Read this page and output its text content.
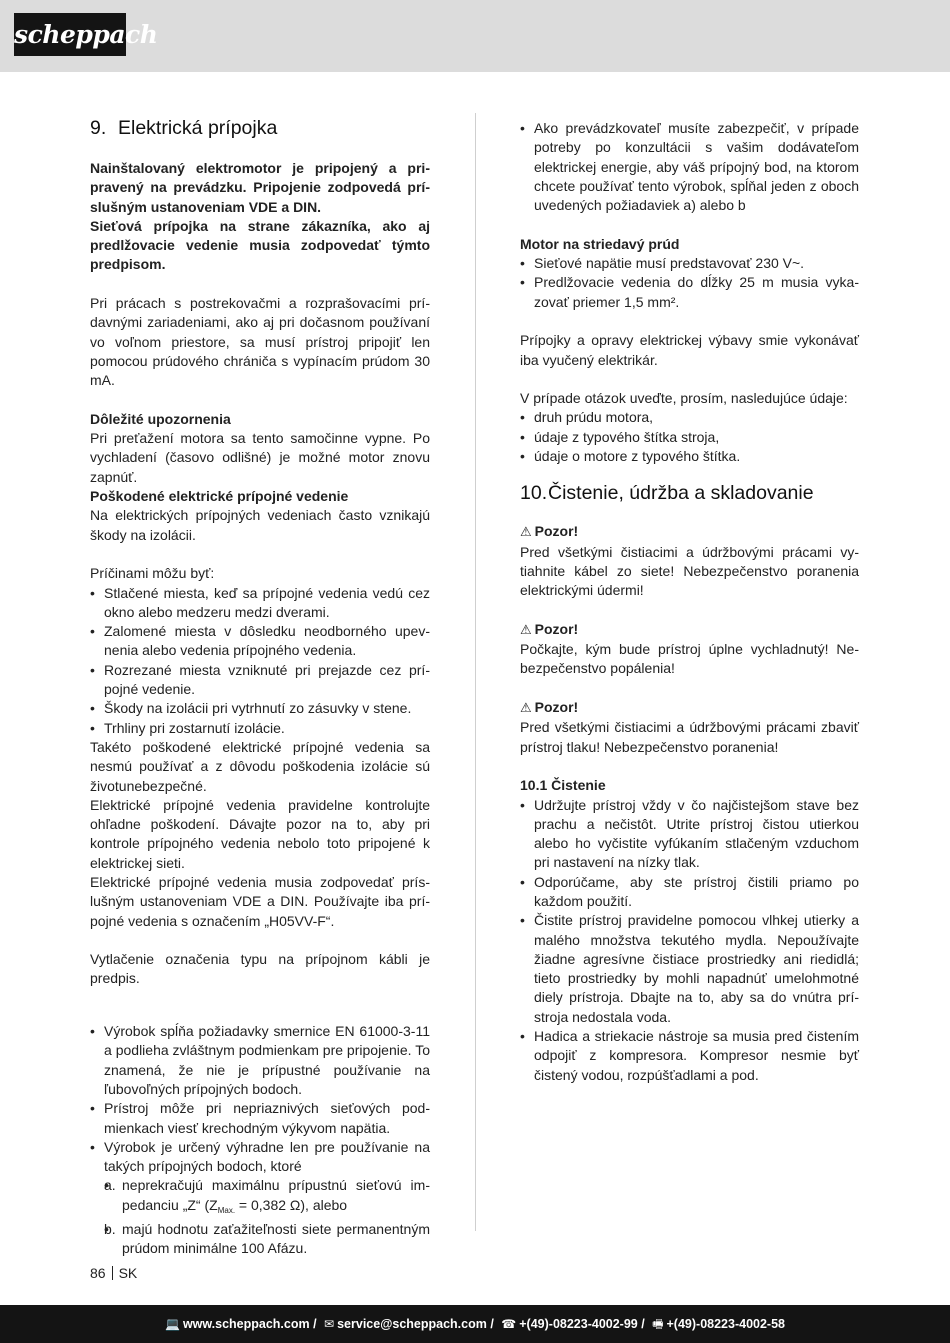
scheppach
9. Elektrická prípojka

Nainštalovaný elektromotor je pripojený a pripravený na prevádzku. Pripojenie zodpovedá príslušným ustanoveniam VDE a DIN.

Sieťová prípojka na strane zákazníka, ako aj predlžovacie vedenie musia zodpovedať týmto predpisom.

Pri prácach s postrekovačmi a rozprašovacími prídavnými zariadeniami, ako aj pri dočasnom používaní vo voľnom priestore, sa musí prístroj pripojiť len pomocou prúdového chrániča s vypínacím prúdom 30 mA.

Dôležité upozornenia

Pri preťažení motora sa tento samočinne vypne. Po vychladení (časovo odlišné) je možné motor znovu zapnúť.

Poškodené elektrické prípojné vedenie

Na elektrických prípojných vedeniach často vznikajú škody na izolácii.

Príčinami môžu byť:

• Stlačené miesta, keď sa prípojné vedenia vedú cez okno alebo medzeru medzi dverami.
• Zalomené miesta v dôsledku neodborného upevnenia alebo vedenia prípojného vedenia.
• Rozrezané miesta vzniknuté pri prejazde cez prípojné vedenie.
• Škody na izolácii pri vytrhnutí zo zásuvky v stene.
• Trhliny pri zostarnutí izolácie.

Takéto poškodené elektrické prípojné vedenia sa nesmú používať a z dôvodu poškodenia izolácie sú životunebezpečné.

Elektrické prípojné vedenia pravidelne kontrolujte ohľadne poškodení. Dávajte pozor na to, aby pri kontrole prípojného vedenia nebolo toto pripojené k elektrickej sieti.

Elektrické prípojné vedenia musia zodpovedať príslušným ustanoveniam VDE a DIN. Používajte iba prípojné vedenia s označením „H05VV-F“.

Vytlačenie označenia typu na prípojnom kábli je predpis.

• Výrobok spĺňa požiadavky smernice EN 61000-3-11 a podlieha zvláštnym podmienkam pre pripojenie. To znamená, že nie je prípustné používanie na ľubovoľných prípojných bodoch.
• Prístroj môže pri nepriaznivých sieťových podmienkach viesť krechodným výkyvom napätia.
• Výrobok je určený výhradne len pre používanie na takých prípojných bodoch, ktoré
• a. neprekračujú maximálnu prípustnú sieťovú impedanciu „Z“ ($Z_{Max.} = 0,382$ Ω), alebo
• b. majú hodnotu zaťažiteľnosti siete permanentným prúdom minimálne 100 Afázu.
• Ako prevádzkovateľ musíte zabezpečiť, v prípade potreby po konzultácii s vašim dodávateľom elektrickej energie, aby váš prípojný bod, na ktorom chcete používať tento výrobok, spĺňal jeden z oboch uvedených požiadaviek a) alebo b

Motor na striedavý prúd

• Sieťové napätie musí predstavovať 230 V~.
• Predlžovacie vedenia do dĺžky 25 m musia vykazovať priemer 1,5 mm².

Prípojky a opravy elektrickej výbavy smie vykonávať iba vyučený elektrikár.

V prípade otázok uveďte, prosím, nasledujúce údaje:

• druh prúdu motora,
• údaje z typového štítka stroja,
• údaje o motore z typového štítka.
10.Čistenie, údržba a skladovanie

⚠ Pozor!

Pred všetkými čistiacimi a údržbovými prácami vytiahnite kábel zo siete! Nebezpečenstvo poranenia elektrickými údermi!

⚠ Pozor!

Počkajte, kým bude prístroj úplne vychladnutý! Nebezpečenstvo popálenia!

⚠ Pozor!

Pred všetkými čistiacimi a údržbovými prácami zbaviť prístroj tlaku! Nebezpečenstvo poranenia!

10.1 Čistenie

• Udržujte prístroj vždy v čo najčistejšom stave bez prachu a nečistôt. Utrite prístroj čistou utierkou alebo ho vyčistite vyfúkaním stlačeným vzduchom pri nastavení na nízky tlak.
• Odporúčame, aby ste prístroj čistili priamo po každom použití.
• Čistite prístroj pravidelne pomocou vlhkej utierky a malého množstva tekutého mydla. Nepoužívajte žiadne agresívne čistiace prostriedky ani riedidlá; tieto prostriedky by mohli napadnúť umelohmotné diely prístroja. Dbajte na to, aby sa do vnútra prístroja nedostala voda.
• Hadica a striekacie nástroje sa musia pred čistením odpojiť z kompresora. Kompresor nesmie byť čistený vodou, rozpúšťadlami a pod.
86 SK
💻 www.scheppach.com / ✉ service@scheppach.com / ☎ +(49)-08223-4002-99 / 🖷 +(49)-08223-4002-58
